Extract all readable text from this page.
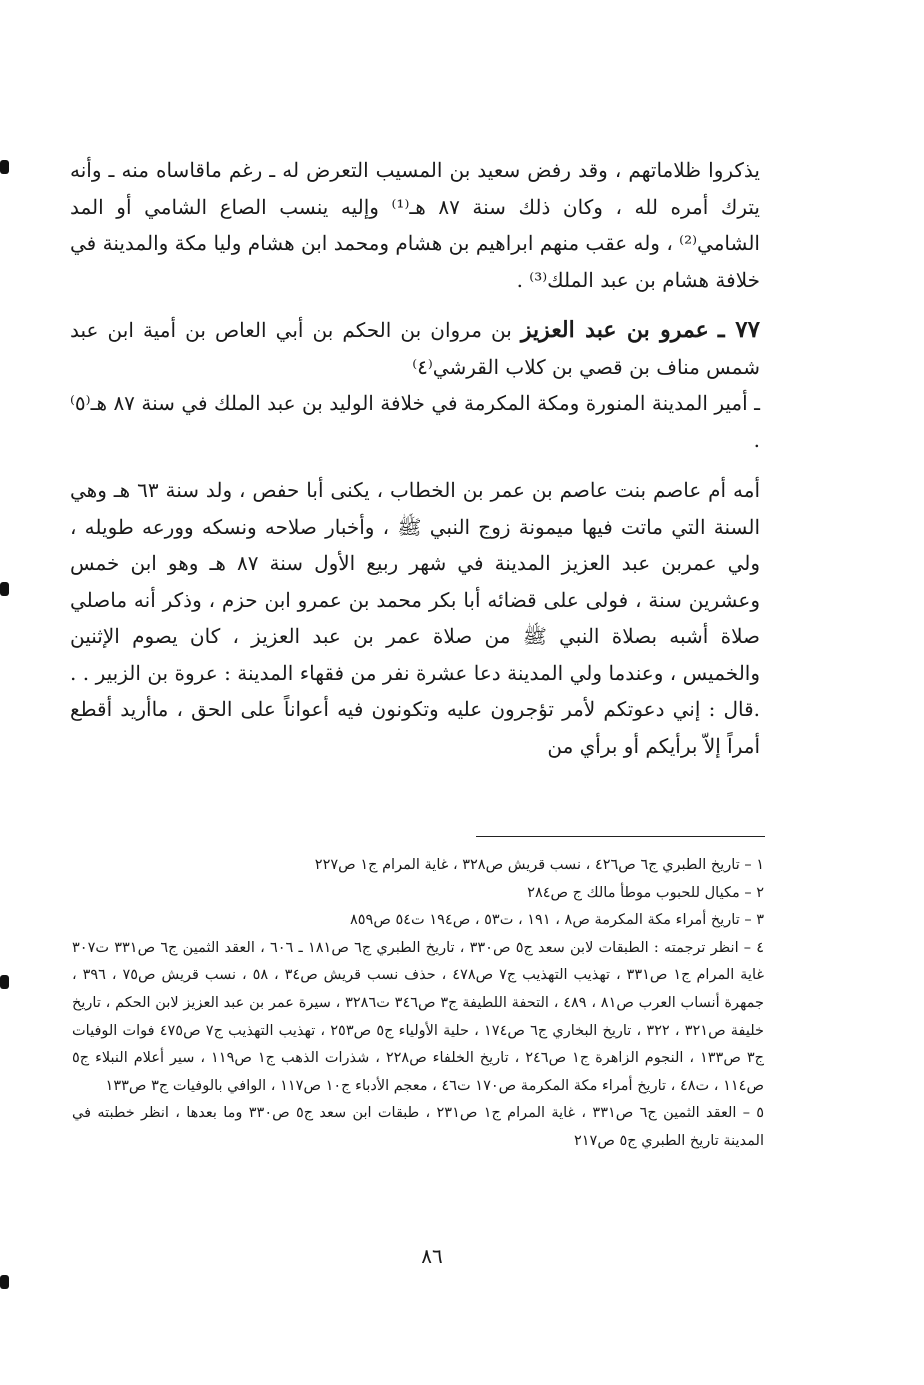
يذكروا ظلاماتهم ، وقد رفض سعيد بن المسيب التعرض له ـ رغم ماقاساه منه ـ وأنه يترك أمره لله ، وكان ذلك سنة ٨٧ هـ⁽¹⁾ وإليه ينسب الصاع الشامي أو المد الشامي⁽²⁾ ، وله عقب منهم ابراهيم بن هشام ومحمد ابن هشام وليا مكة والمدينة في خلافة هشام بن عبد الملك⁽³⁾ .

٧٧ ـ عمرو بن عبد العزيز بن مروان بن الحكم بن أبي العاص بن أمية ابن عبد شمس مناف بن قصي بن كلاب القرشي⁽٤⁾

ـ أمير المدينة المنورة ومكة المكرمة في خلافة الوليد بن عبد الملك في سنة ٨٧ هـ⁽٥⁾ .

أمه أم عاصم بنت عاصم بن عمر بن الخطاب ، يكنى أبا حفص ، ولد سنة ٦٣ هـ وهي السنة التي ماتت فيها ميمونة زوج النبي ﷺ ، وأخبار صلاحه ونسكه وورعه طويله ، ولي عمربن عبد العزيز المدينة في شهر ربيع الأول سنة ٨٧ هـ وهو ابن خمس وعشرين سنة ، فولى على قضائه أبا بكر محمد بن عمرو ابن حزم ، وذكر أنه ماصلي صلاة أشبه بصلاة النبي ﷺ من صلاة عمر بن عبد العزيز ، كان يصوم الإثنين والخميس ، وعندما ولي المدينة دعا عشرة نفر من فقهاء المدينة : عروة بن الزبير . . .قال : إني دعوتكم لأمر تؤجرون عليه وتكونون فيه أعواناً على الحق ، ماأريد أقطع أمراً إلاّ برأيكم أو برأي من

١ – تاريخ الطبري ج٦ ص٤٢٦ ، نسب قريش ص٣٢٨ ، غاية المرام ج١ ص٢٢٧

٢ – مكيال للحبوب موطأ مالك ج ص٢٨٤

٣ – تاريخ أمراء مكة المكرمة ص٨ ، ١٩١ ، ت٥٣ ، ص١٩٤ ت٥٤ ص٨٥٩

٤ – انظر ترجمته : الطبقات لابن سعد ج٥ ص٣٣٠ ، تاريخ الطبري ج٦ ص١٨١ ـ ٦٠٦ ، العقد الثمين ج٦ ص٣٣١ ت٣٠٧ غاية المرام ج١ ص٣٣١ ، تهذيب التهذيب ج٧ ص٤٧٨ ، حذف نسب قريش ص٣٤ ، ٥٨ ، نسب قريش ص٧٥ ، ٣٩٦ ، جمهرة أنساب العرب ص٨١ ، ٤٨٩ ، التحفة اللطيفة ج٣ ص٣٤٦ ت٣٢٨٦ ، سيرة عمر بن عبد العزيز لابن الحكم ، تاريخ خليفة ص٣٢١ ، ٣٢٢ ، تاريخ البخاري ج٦ ص١٧٤ ، حلية الأولياء ج٥ ص٢٥٣ ، تهذيب التهذيب ج٧ ص٤٧٥ فوات الوفيات ج٣ ص١٣٣ ، النجوم الزاهرة ج١ ص٢٤٦ ، تاريخ الخلفاء ص٢٢٨ ، شذرات الذهب ج١ ص١١٩ ، سير أعلام النبلاء ج٥ ص١١٤ ، ت٤٨ ، تاريخ أمراء مكة المكرمة ص١٧٠ ت٤٦ ، معجم الأدباء ج١٠ ص١١٧ ، الوافي بالوفيات ج٣ ص١٣٣

٥ – العقد الثمين ج٦ ص٣٣١ ، غاية المرام ج١ ص٢٣١ ، طبقات ابن سعد ج٥ ص٣٣٠ وما بعدها ، انظر خطبته في المدينة تاريخ الطبري ج٥ ص٢١٧

٨٦
